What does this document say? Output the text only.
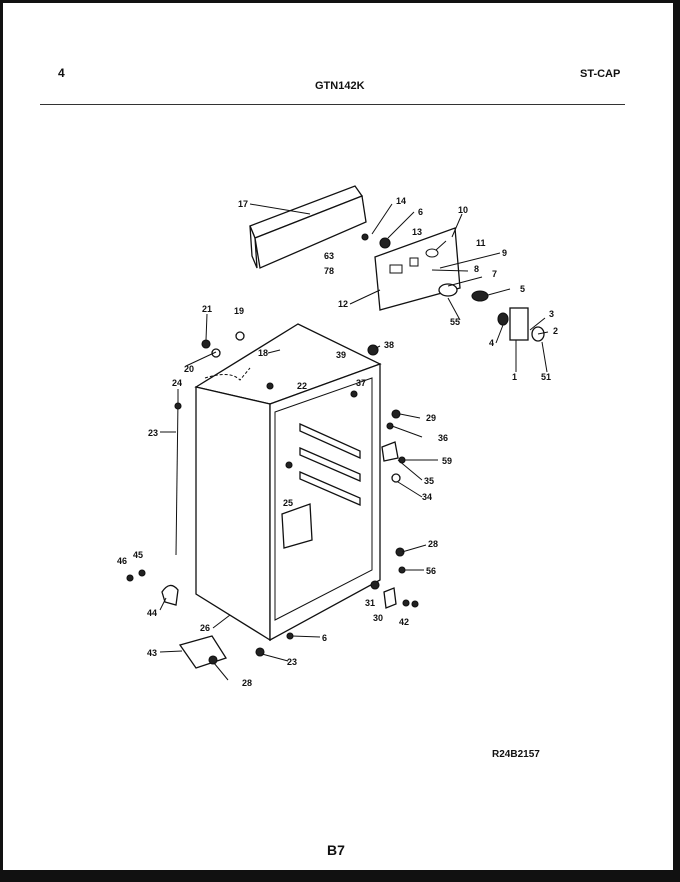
4
GTN142K
ST-CAP
R24B2157
B7
17	14
6
13
10
11
9
63
78	8 7
12
5
55
3
2
4
1	51
21 19
20
18	39
38
24	22	37
23
29
36
59
35
25
34
28
46
45
56
44
31
30 42
26
6
43
23
28
